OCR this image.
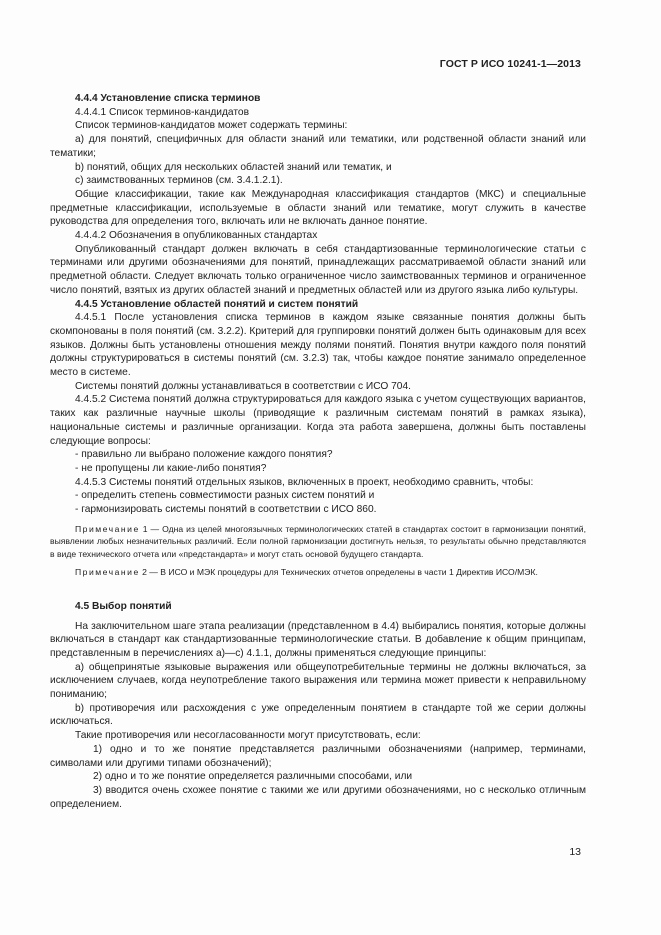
ГОСТ Р ИСО 10241-1—2013

4.4.4 Установление списка терминов

4.4.4.1 Список терминов-кандидатов

Список терминов-кандидатов может содержать термины:

a) для понятий, специфичных для области знаний или тематики, или родственной области знаний или тематики;

b) понятий, общих для нескольких областей знаний или тематик, и

c) заимствованных терминов (см. 3.4.1.2.1).

Общие классификации, такие как Международная классификация стандартов (МКС) и специальные предметные классификации, используемые в области знаний или тематике, могут служить в качестве руководства для определения того, включать или не включать данное понятие.

4.4.4.2 Обозначения в опубликованных стандартах

Опубликованный стандарт должен включать в себя стандартизованные терминологические статьи с терминами или другими обозначениями для понятий, принадлежащих рассматриваемой области знаний или предметной области. Следует включать только ограниченное число заимствованных терминов и ограниченное число понятий, взятых из других областей знаний и предметных областей или из другого языка либо культуры.

4.4.5 Установление областей понятий и систем понятий

4.4.5.1 После установления списка терминов в каждом языке связанные понятия должны быть скомпонованы в поля понятий (см. 3.2.2). Критерий для группировки понятий должен быть одинаковым для всех языков. Должны быть установлены отношения между полями понятий. Понятия внутри каждого поля понятий должны структурироваться в системы понятий (см. 3.2.3) так, чтобы каждое понятие занимало определенное место в системе.

Системы понятий должны устанавливаться в соответствии с ИСО 704.

4.4.5.2 Система понятий должна структурироваться для каждого языка с учетом существующих вариантов, таких как различные научные школы (приводящие к различным системам понятий в рамках языка), национальные системы и различные организации. Когда эта работа завершена, должны быть поставлены следующие вопросы:

- правильно ли выбрано положение каждого понятия?

- не пропущены ли какие-либо понятия?

4.4.5.3 Системы понятий отдельных языков, включенных в проект, необходимо сравнить, чтобы:

- определить степень совместимости разных систем понятий и

- гармонизировать системы понятий в соответствии с ИСО 860.

Примечание 1 — Одна из целей многоязычных терминологических статей в стандартах состоит в гармонизации понятий, выявлении любых незначительных различий. Если полной гармонизации достигнуть нельзя, то результаты обычно представляются в виде технического отчета или «предстандарта» и могут стать основой будущего стандарта.

Примечание 2 — В ИСО и МЭК процедуры для Технических отчетов определены в части 1 Директив ИСО/МЭК.

4.5 Выбор понятий

На заключительном шаге этапа реализации (представленном в 4.4) выбирались понятия, которые должны включаться в стандарт как стандартизованные терминологические статьи. В добавление к общим принципам, представленным в перечислениях а)—с) 4.1.1, должны применяться следующие принципы:

a) общепринятые языковые выражения или общеупотребительные термины не должны включаться, за исключением случаев, когда неупотребление такого выражения или термина может привести к неправильному пониманию;

b) противоречия или расхождения с уже определенным понятием в стандарте той же серии должны исключаться.

Такие противоречия или несогласованности могут присутствовать, если:

1) одно и то же понятие представляется различными обозначениями (например, терминами, символами или другими типами обозначений);

2) одно и то же понятие определяется различными способами, или

3) вводится очень схожее понятие с такими же или другими обозначениями, но с несколько отличным определением.

13
